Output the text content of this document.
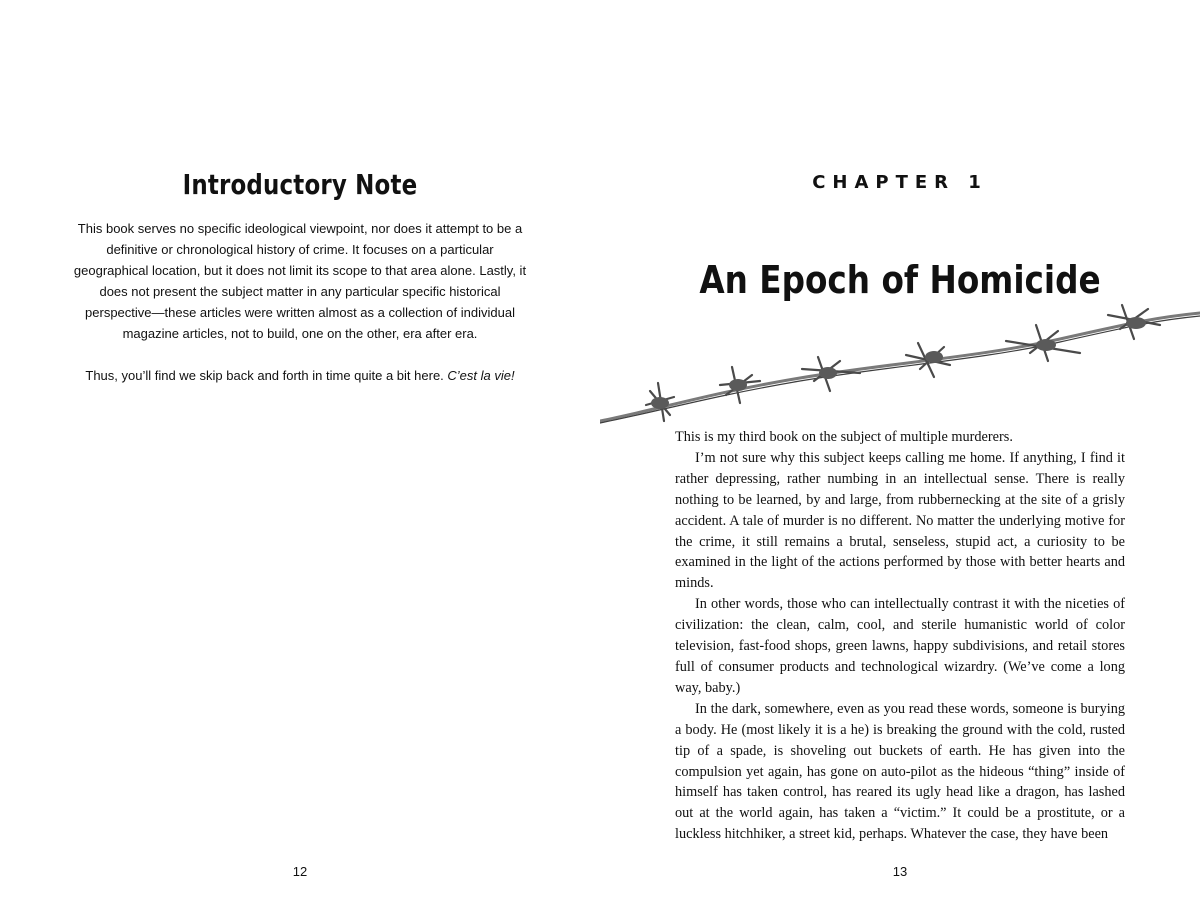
Introductory Note

This book serves no specific ideological viewpoint, nor does it attempt to be a definitive or chronological history of crime. It focuses on a particular geographical location, but it does not limit its scope to that area alone. Lastly, it does not present the subject matter in any particular specific historical perspective—these articles were written almost as a collection of individual magazine articles, not to build, one on the other, era after era.

Thus, you’ll find we skip back and forth in time quite a bit here. C’est la vie!

12
CHAPTER 1
An Epoch of Homicide

This is my third book on the subject of multiple murderers.

I’m not sure why this subject keeps calling me home. If anything, I find it rather depressing, rather numbing in an intellectual sense. There is really nothing to be learned, by and large, from rubbernecking at the site of a grisly accident. A tale of murder is no different. No matter the underlying motive for the crime, it still remains a brutal, senseless, stupid act, a curiosity to be examined in the light of the actions performed by those with better hearts and minds.

In other words, those who can intellectually contrast it with the niceties of civilization: the clean, calm, cool, and sterile humanistic world of color television, fast-food shops, green lawns, happy subdivisions, and retail stores full of consumer products and technological wizardry. (We’ve come a long way, baby.)

In the dark, somewhere, even as you read these words, someone is burying a body. He (most likely it is a he) is breaking the ground with the cold, rusted tip of a spade, is shoveling out buckets of earth. He has given into the compulsion yet again, has gone on auto-pilot as the hideous “thing” inside of himself has taken control, has reared its ugly head like a dragon, has lashed out at the world again, has taken a “victim.” It could be a prostitute, or a luckless hitchhiker, a street kid, perhaps. Whatever the case, they have been

13
